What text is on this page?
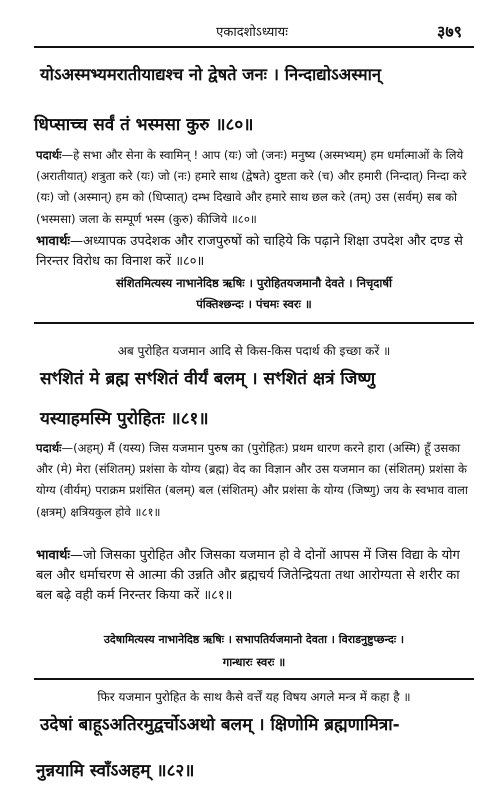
एकादशोऽध्यायः	३७९
योऽअस्मभ्यमरातीयाद्यश्च नो द्वेषते जनः । निन्दाद्योऽअस्मान्
धिप्साच्च सर्वं तं भस्मसा कुरु ॥८०॥
पदार्थः—हे सभा और सेना के स्वामिन् ! आप (यः) जो (जनः) मनुष्य (अस्मभ्यम्) हम धर्मात्माओं के लिये (अरातीयात्) शत्रुता करे (यः) जो (नः) हमारे साथ (द्वेषते) दुष्टता करे (च) और हमारी (निन्दात्) निन्दा करे (यः) जो (अस्मान्) हम को (धिप्सात्) दम्भ दिखावे और हमारे साथ छल करे (तम्) उस (सर्वम्) सब को (भस्मसा) जला के सम्पूर्ण भस्म (कुरु) कीजिये ॥८०॥
भावार्थः—अध्यापक उपदेशक और राजपुरुषों को चाहिये कि पढ़ाने शिक्षा उपदेश और दण्ड से निरन्तर विरोध का विनाश करें ॥८०॥
संशितमित्यस्य नाभानेदिष्ठ ऋषिः । पुरोहितयजमानौ देवते । निचृदार्षी
पंक्तिश्छन्दः । पंचमः स्वरः ॥
अब पुरोहित यजमान आदि से किस-किस पदार्थ की इच्छा करें ॥
सꣳशितं मे ब्रह्म सꣳशितं वीर्यं बलम् । सꣳशितं क्षत्रं जिष्णु
यस्याहमस्मि पुरोहितः ॥८१॥
पदार्थः—(अहम्) मैं (यस्य) जिस यजमान पुरुष का (पुरोहितः) प्रथम धारण करने हारा (अस्मि) हूँ उसका और (मे) मेरा (संशितम्) प्रशंसा के योग्य (ब्रह्म) वेद का विज्ञान और उस यजमान का (संशितम्) प्रशंसा के योग्य (वीर्यम्) पराक्रम प्रशंसित (बलम्) बल (संशितम्) और प्रशंसा के योग्य (जिष्णु) जय के स्वभाव वाला (क्षत्रम्) क्षत्रियकुल होवे ॥८१॥
भावार्थः—जो जिसका पुरोहित और जिसका यजमान हो वे दोनों आपस में जिस विद्या के योग बल और धर्माचरण से आत्मा की उन्नति और ब्रह्मचर्य जितेन्द्रियता तथा आरोग्यता से शरीर का बल बढ़े वही कर्म निरन्तर किया करें ॥८१॥
उदेषामित्यस्य नाभानेदिष्ठ ऋषिः । सभापतिर्यजमानो देवता । विराडनुष्टुप्छन्दः ।
गान्धारः स्वरः ॥
फिर यजमान पुरोहित के साथ कैसे वर्त्तें यह विषय अगले मन्त्र में कहा है ॥
उदेषां बाहूऽअतिरमुद्वर्चोऽअथो बलम् । क्षिणोमि ब्रह्मणामित्रा-
नुन्नयामि स्वाँऽअहम् ॥८२॥
